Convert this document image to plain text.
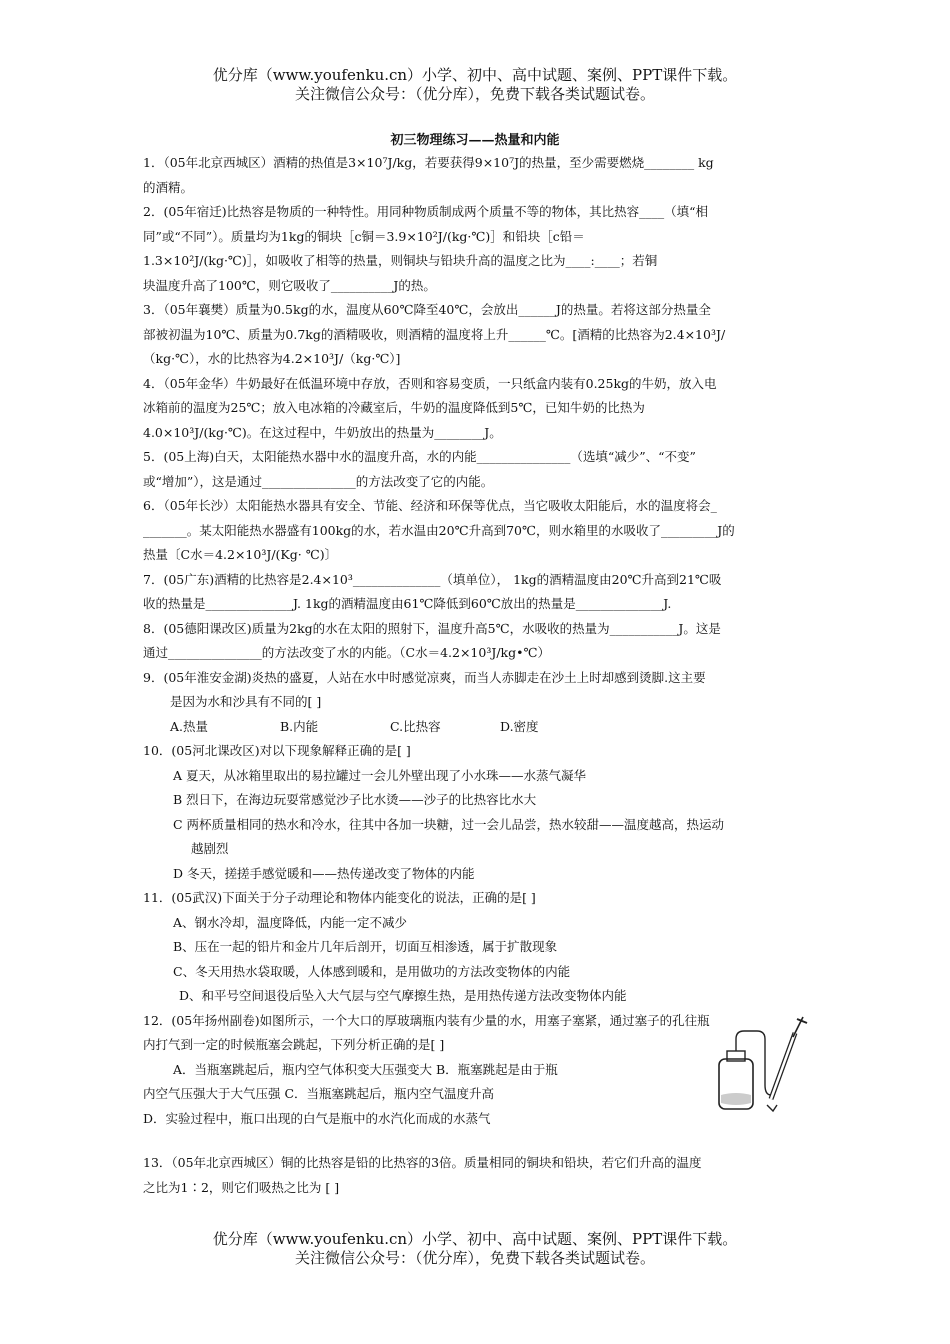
优分库（www.youfenku.cn）小学、初中、高中试题、案例、PPT课件下载。
关注微信公众号：（优分库），免费下载各类试题试卷。
初三物理练习——热量和内能

1．（05年北京西城区）酒精的热值是3×10⁷J/kg，若要获得9×10⁷J的热量，至少需要燃烧________ kg

的酒精。

2．(05年宿迁)比热容是物质的一种特性。用同种物质制成两个质量不等的物体，其比热容____（填“相

同”或“不同”）。质量均为1kg的铜块［c铜＝3.9×10²J/(kg·℃)］和铅块［c铅＝

1.3×10²J/(kg·℃)］，如吸收了相等的热量，则铜块与铅块升高的温度之比为____:____；若铜

块温度升高了100℃，则它吸收了__________J的热。

3．（05年襄樊）质量为0.5kg的水，温度从60℃降至40℃，会放出______J的热量。若将这部分热量全

部被初温为10℃、质量为0.7kg的酒精吸收，则酒精的温度将上升______℃。[酒精的比热容为2.4×10³J/

（kg·℃），水的比热容为4.2×10³J/（kg·℃）]

4．（05年金华）牛奶最好在低温环境中存放，否则和容易变质，一只纸盒内装有0.25kg的牛奶，放入电

冰箱前的温度为25℃；放入电冰箱的冷藏室后，牛奶的温度降低到5℃，已知牛奶的比热为

4.0×10³J/(kg·℃)。在这过程中，牛奶放出的热量为________J。

5．(05上海)白天，太阳能热水器中水的温度升高，水的内能_______________（选填“减少”、“不变”

或“增加”），这是通过_______________的方法改变了它的内能。

6．（05年长沙）太阳能热水器具有安全、节能、经济和环保等优点，当它吸收太阳能后，水的温度将会_

_______。某太阳能热水器盛有100kg的水，若水温由20℃升高到70℃，则水箱里的水吸收了_________J的

热量〔C水＝4.2×10³J/(Kg· ℃)〕

7．(05广东)酒精的比热容是2.4×10³______________（填单位）， 1kg的酒精温度由20℃升高到21℃吸

收的热量是______________J. 1kg的酒精温度由61℃降低到60℃放出的热量是______________J.

8．(05德阳课改区)质量为2kg的水在太阳的照射下，温度升高5℃，水吸收的热量为___________J。这是

通过_______________的方法改变了水的内能。（C水＝4.2×10³J/kg•℃）

9．(05年淮安金湖)炎热的盛夏，人站在水中时感觉凉爽，而当人赤脚走在沙土上时却感到烫脚.这主要

是因为水和沙具有不同的[ ]

A.热量	B.内能	C.比热容	D.密度

10．(05河北课改区)对以下现象解释正确的是[ ]

A 夏天，从冰箱里取出的易拉罐过一会儿外壁出现了小水珠——水蒸气凝华

B 烈日下，在海边玩耍常感觉沙子比水烫——沙子的比热容比水大

C 两杯质量相同的热水和冷水，往其中各加一块糖，过一会儿品尝，热水较甜——温度越高，热运动

越剧烈

D 冬天，搓搓手感觉暖和——热传递改变了物体的内能

11．(05武汉)下面关于分子动理论和物体内能变化的说法，正确的是[ ]

A、钢水冷却，温度降低，内能一定不减少

B、压在一起的铅片和金片几年后剖开，切面互相渗透，属于扩散现象

C、冬天用热水袋取暖，人体感到暖和，是用做功的方法改变物体的内能

D、和平号空间退役后坠入大气层与空气摩擦生热，是用热传递方法改变物体内能

12．(05年扬州副卷)如图所示，一个大口的厚玻璃瓶内装有少量的水，用塞子塞紧，通过塞子的孔往瓶

内打气到一定的时候瓶塞会跳起，下列分析正确的是[ ]

A．当瓶塞跳起后，瓶内空气体积变大压强变大 B．瓶塞跳起是由于瓶

内空气压强大于大气压强 C．当瓶塞跳起后，瓶内空气温度升高

D．实验过程中，瓶口出现的白气是瓶中的水汽化而成的水蒸气

13．（05年北京西城区）铜的比热容是铅的比热容的3倍。质量相同的铜块和铅块，若它们升高的温度

之比为1∶2，则它们吸热之比为 [ ]

优分库（www.youfenku.cn）小学、初中、高中试题、案例、PPT课件下载。
关注微信公众号：（优分库），免费下载各类试题试卷。
